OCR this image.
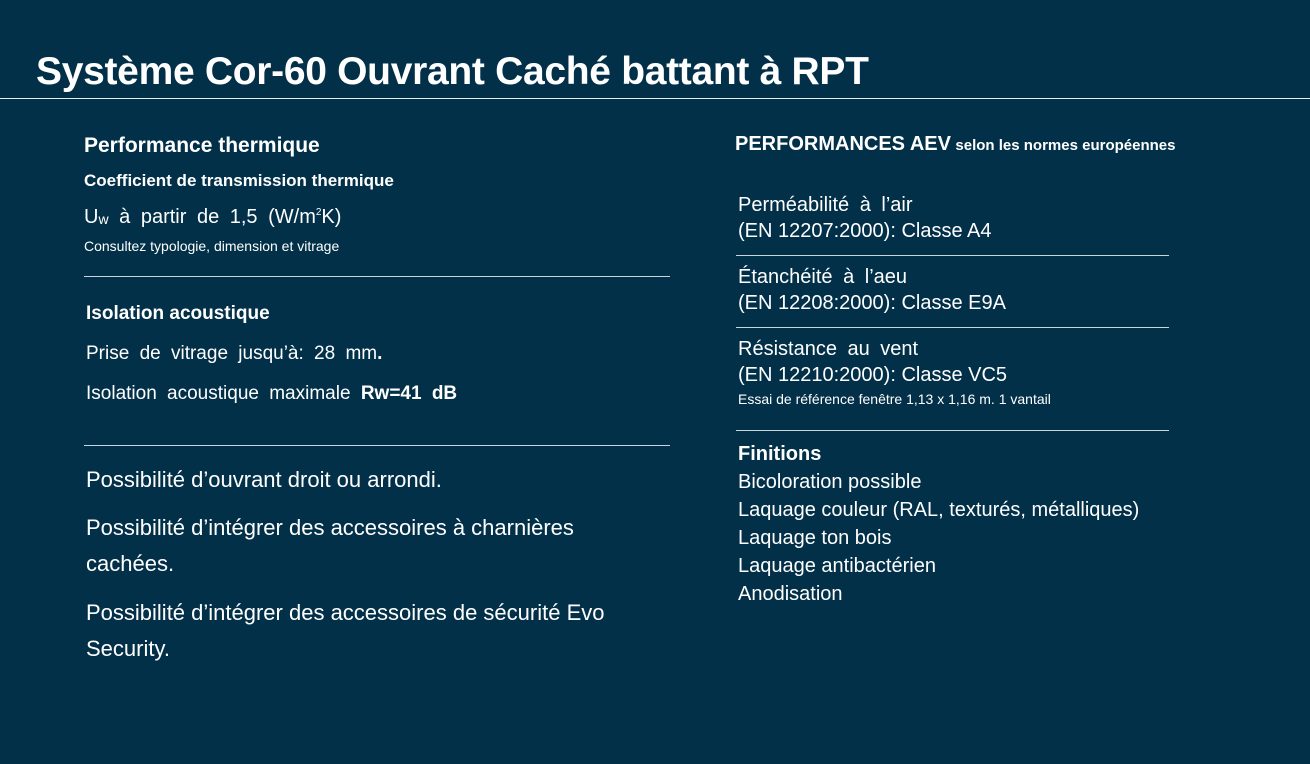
Système Cor-60 Ouvrant Caché battant à RPT
Performance thermique
Coefficient de transmission thermique
$U_w$ à partir de 1,5 $(W/m^2K)$
Consultez typologie, dimension et vitrage
Isolation acoustique
Prise de vitrage jusqu’à: 28 mm.
Isolation acoustique maximale Rw=41 dB
Possibilité d’ouvrant droit ou arrondi.
Possibilité d’intégrer des accessoires à charnières cachées.
Possibilité d’intégrer des accessoires de sécurité Evo Security.
PERFORMANCES AEV selon les normes européennes
Perméabilité à l’air
(EN 12207:2000): Classe A4
Étanchéité à l’aeu
(EN 12208:2000): Classe E9A
Résistance au vent
(EN 12210:2000): Classe VC5
Essai de référence fenêtre 1,13 x 1,16 m. 1 vantail
Finitions
Bicoloration possible
Laquage couleur (RAL, texturés, métalliques)
Laquage ton bois
Laquage antibactérien
Anodisation
